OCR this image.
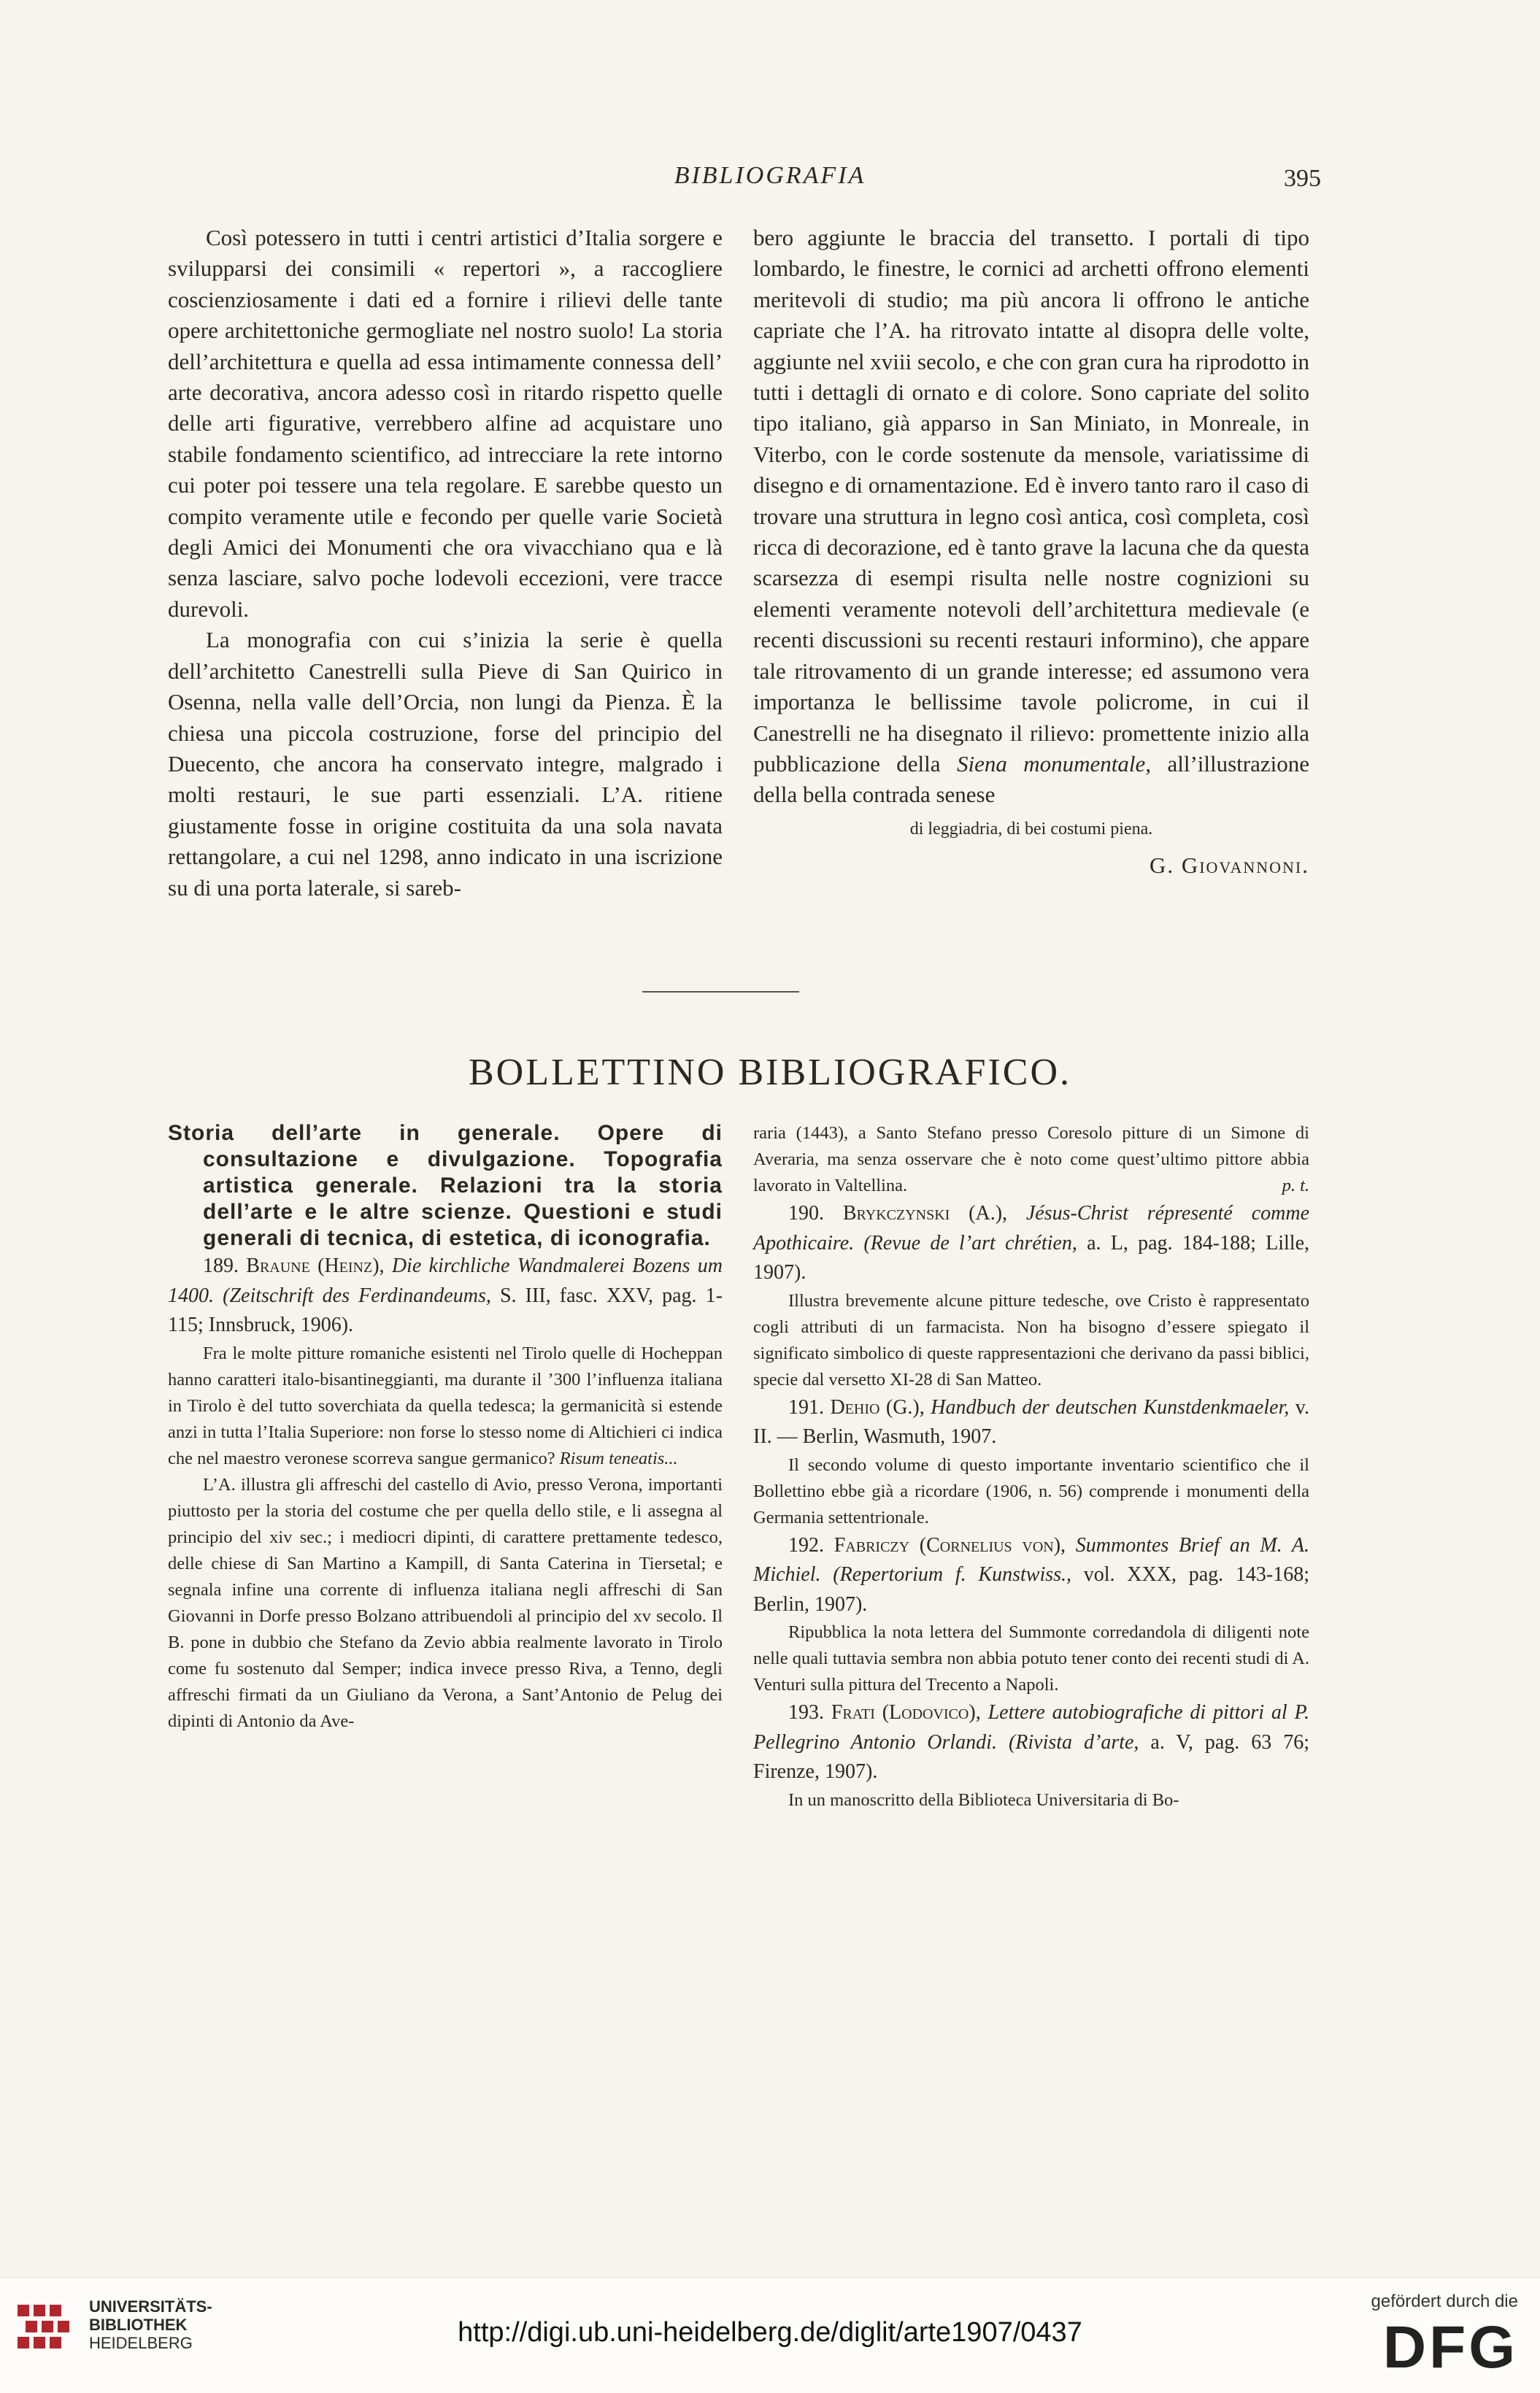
BIBLIOGRAFIA	395

Così potessero in tutti i centri artistici d’Italia sorgere e svilupparsi dei consimili « repertori », a raccogliere coscienziosamente i dati ed a fornire i rilievi delle tante opere architettoniche germogliate nel nostro suolo! La storia dell’architettura e quella ad essa intimamente connessa dell’ arte decorativa, ancora adesso così in ritardo rispetto quelle delle arti figurative, verrebbero alfine ad acquistare uno stabile fondamento scientifico, ad intrecciare la rete intorno cui poter poi tessere una tela regolare. E sarebbe questo un compito veramente utile e fecondo per quelle varie Società degli Amici dei Monumenti che ora vivacchiano qua e là senza lasciare, salvo poche lodevoli eccezioni, vere tracce durevoli.

La monografia con cui s’inizia la serie è quella dell’architetto Canestrelli sulla Pieve di San Quirico in Osenna, nella valle dell’Orcia, non lungi da Pienza. È la chiesa una piccola costruzione, forse del principio del Duecento, che ancora ha conservato integre, malgrado i molti restauri, le sue parti essenziali. L’A. ritiene giustamente fosse in origine costituita da una sola navata rettangolare, a cui nel 1298, anno indicato in una iscrizione su di una porta laterale, si sareb-

bero aggiunte le braccia del transetto. I portali di tipo lombardo, le finestre, le cornici ad archetti offrono elementi meritevoli di studio; ma più ancora li offrono le antiche capriate che l’A. ha ritrovato intatte al disopra delle volte, aggiunte nel xviii secolo, e che con gran cura ha riprodotto in tutti i dettagli di ornato e di colore. Sono capriate del solito tipo italiano, già apparso in San Miniato, in Monreale, in Viterbo, con le corde sostenute da mensole, variatissime di disegno e di ornamentazione. Ed è invero tanto raro il caso di trovare una struttura in legno così antica, così completa, così ricca di decorazione, ed è tanto grave la lacuna che da questa scarsezza di esempi risulta nelle nostre cognizioni su elementi veramente notevoli dell’architettura medievale (e recenti discussioni su recenti restauri informino), che appare tale ritrovamento di un grande interesse; ed assumono vera importanza le bellissime tavole policrome, in cui il Canestrelli ne ha disegnato il rilievo: promettente inizio alla pubblicazione della Siena monumentale, all’illustrazione della bella contrada senese

di leggiadria, di bei costumi piena.

G. Giovannoni.

BOLLETTINO BIBLIOGRAFICO.

Storia dell’arte in generale. Opere di consultazione e divulgazione. Topografia artistica generale. Relazioni tra la storia dell’arte e le altre scienze. Questioni e studi generali di tecnica, di estetica, di iconografia.

189. Braune (Heinz), Die kirchliche Wandmalerei Bozens um 1400. (Zeitschrift des Ferdinandeums, S. III, fasc. XXV, pag. 1-115; Innsbruck, 1906).

Fra le molte pitture romaniche esistenti nel Tirolo quelle di Hocheppan hanno caratteri italo-bisantineggianti, ma durante il ’300 l’influenza italiana in Tirolo è del tutto soverchiata da quella tedesca; la germanicità si estende anzi in tutta l’Italia Superiore: non forse lo stesso nome di Altichieri ci indica che nel maestro veronese scorreva sangue germanico? Risum teneatis...

L’A. illustra gli affreschi del castello di Avio, presso Verona, importanti piuttosto per la storia del costume che per quella dello stile, e li assegna al principio del xiv sec.; i mediocri dipinti, di carattere prettamente tedesco, delle chiese di San Martino a Kampill, di Santa Caterina in Tiersetal; e segnala infine una corrente di influenza italiana negli affreschi di San Giovanni in Dorfe presso Bolzano attribuendoli al principio del xv secolo. Il B. pone in dubbio che Stefano da Zevio abbia realmente lavorato in Tirolo come fu sostenuto dal Semper; indica invece presso Riva, a Tenno, degli affreschi firmati da un Giuliano da Verona, a Sant’Antonio de Pelug dei dipinti di Antonio da Ave-

raria (1443), a Santo Stefano presso Coresolo pitture di un Simone di Averaria, ma senza osservare che è noto come quest’ultimo pittore abbia lavorato in Valtellina.	p. t.

190. Brykczynski (A.), Jésus-Christ répresenté comme Apothicaire. (Revue de l’art chrétien, a. L, pag. 184-188; Lille, 1907).

Illustra brevemente alcune pitture tedesche, ove Cristo è rappresentato cogli attributi di un farmacista. Non ha bisogno d’essere spiegato il significato simbolico di queste rappresentazioni che derivano da passi biblici, specie dal versetto XI-28 di San Matteo.

191. Dehio (G.), Handbuch der deutschen Kunstdenkmaeler, v. II. — Berlin, Wasmuth, 1907.

Il secondo volume di questo importante inventario scientifico che il Bollettino ebbe già a ricordare (1906, n. 56) comprende i monumenti della Germania settentrionale.

192. Fabriczy (Cornelius von), Summontes Brief an M. A. Michiel. (Repertorium f. Kunstwiss., vol. XXX, pag. 143-168; Berlin, 1907).

Ripubblica la nota lettera del Summonte corredandola di diligenti note nelle quali tuttavia sembra non abbia potuto tener conto dei recenti studi di A. Venturi sulla pittura del Trecento a Napoli.

193. Frati (Lodovico), Lettere autobiografiche di pittori al P. Pellegrino Antonio Orlandi. (Rivista d’arte, a. V, pag. 63 76; Firenze, 1907).

In un manoscritto della Biblioteca Universitaria di Bo-

UNIVERSITÄTS-
BIBLIOTHEK
HEIDELBERG	http://digi.ub.uni-heidelberg.de/diglit/arte1907/0437
gefördert durch die
DFG
